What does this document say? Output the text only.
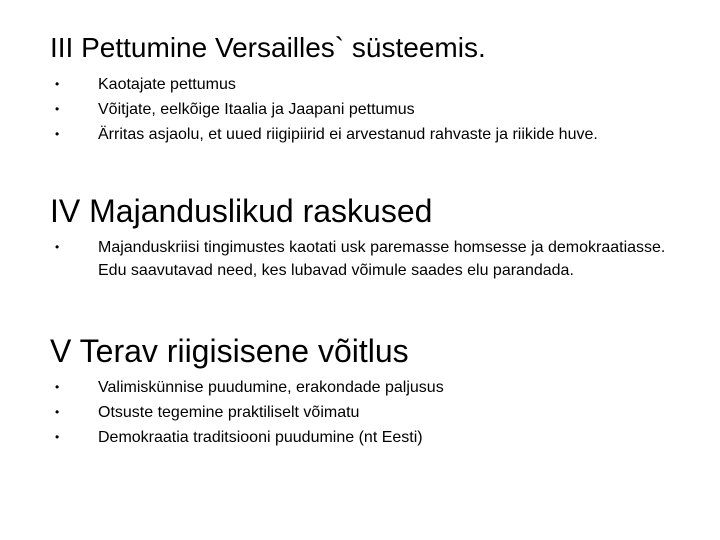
III Pettumine Versailles` süsteemis.
• Kaotajate pettumus
• Võitjate, eelkõige Itaalia ja Jaapani pettumus
• Ärritas asjaolu, et uued riigipiirid ei arvestanud rahvaste ja riikide huve.
IV Majanduslikud raskused
• Majanduskriisi tingimustes kaotati usk paremasse homsesse ja demokraatiasse. Edu saavutavad need, kes lubavad võimule saades elu parandada.
V Terav riigisisene võitlus
• Valimiskünnise puudumine, erakondade paljusus
• Otsuste tegemine praktiliselt võimatu
• Demokraatia traditsiooni puudumine (nt Eesti)
